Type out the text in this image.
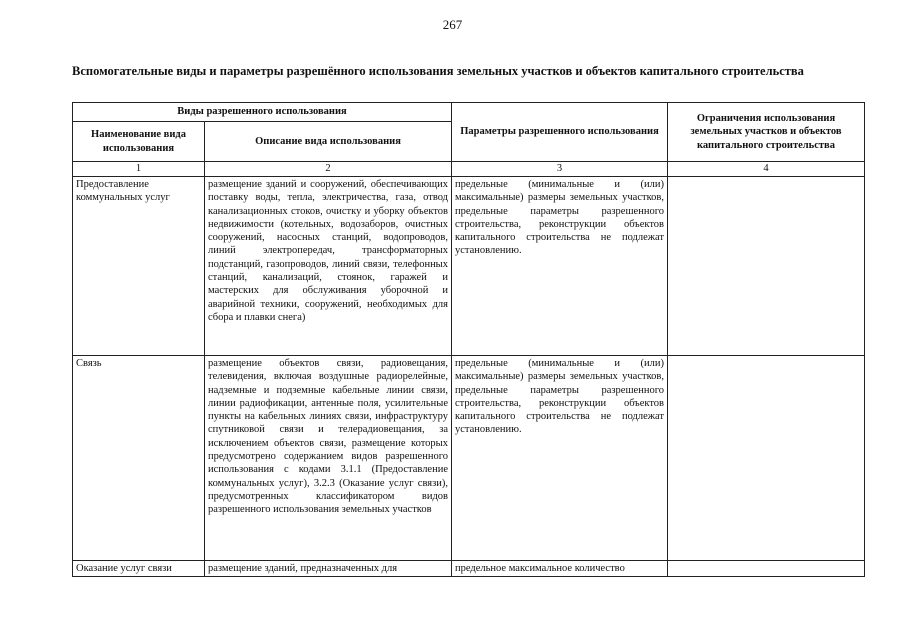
267
Вспомогательные виды и параметры разрешённого использования земельных участков и объектов капитального строительства
Виды разрешенного использования		Параметры разрешенного использования	Ограничения использования земельных участков и объектов капитального строительства
Наименование вида использования	Описание вида использования		
1	2	3	4
Предоставление коммунальных услуг	размещение зданий и сооружений, обеспечивающих поставку воды, тепла, электричества, газа, отвод канализационных стоков, очистку и уборку объектов недвижимости (котельных, водозаборов, очистных сооружений, насосных станций, водопроводов, линий электропередач, трансформаторных подстанций, газопроводов, линий связи, телефонных станций, канализаций, стоянок, гаражей и мастерских для обслуживания уборочной и аварийной техники, сооружений, необходимых для сбора и плавки снега)	предельные (минимальные и (или) максимальные) размеры земельных участков, предельные параметры разрешенного строительства, реконструкции объектов капитального строительства не подлежат установлению.	
Связь	размещение объектов связи, радиовещания, телевидения, включая воздушные радиорелейные, надземные и подземные кабельные линии связи, линии радиофикации, антенные поля, усилительные пункты на кабельных линиях связи, инфраструктуру спутниковой связи и телерадиовещания, за исключением объектов связи, размещение которых предусмотрено содержанием видов разрешенного использования с кодами 3.1.1 (Предоставление коммунальных услуг), 3.2.3 (Оказание услуг связи), предусмотренных классификатором видов разрешенного использования земельных участков	предельные (минимальные и (или) максимальные) размеры земельных участков, предельные параметры разрешенного строительства, реконструкции объектов капитального строительства не подлежат установлению.	
Оказание услуг связи	размещение зданий, предназначенных для	предельное максимальное количество	
